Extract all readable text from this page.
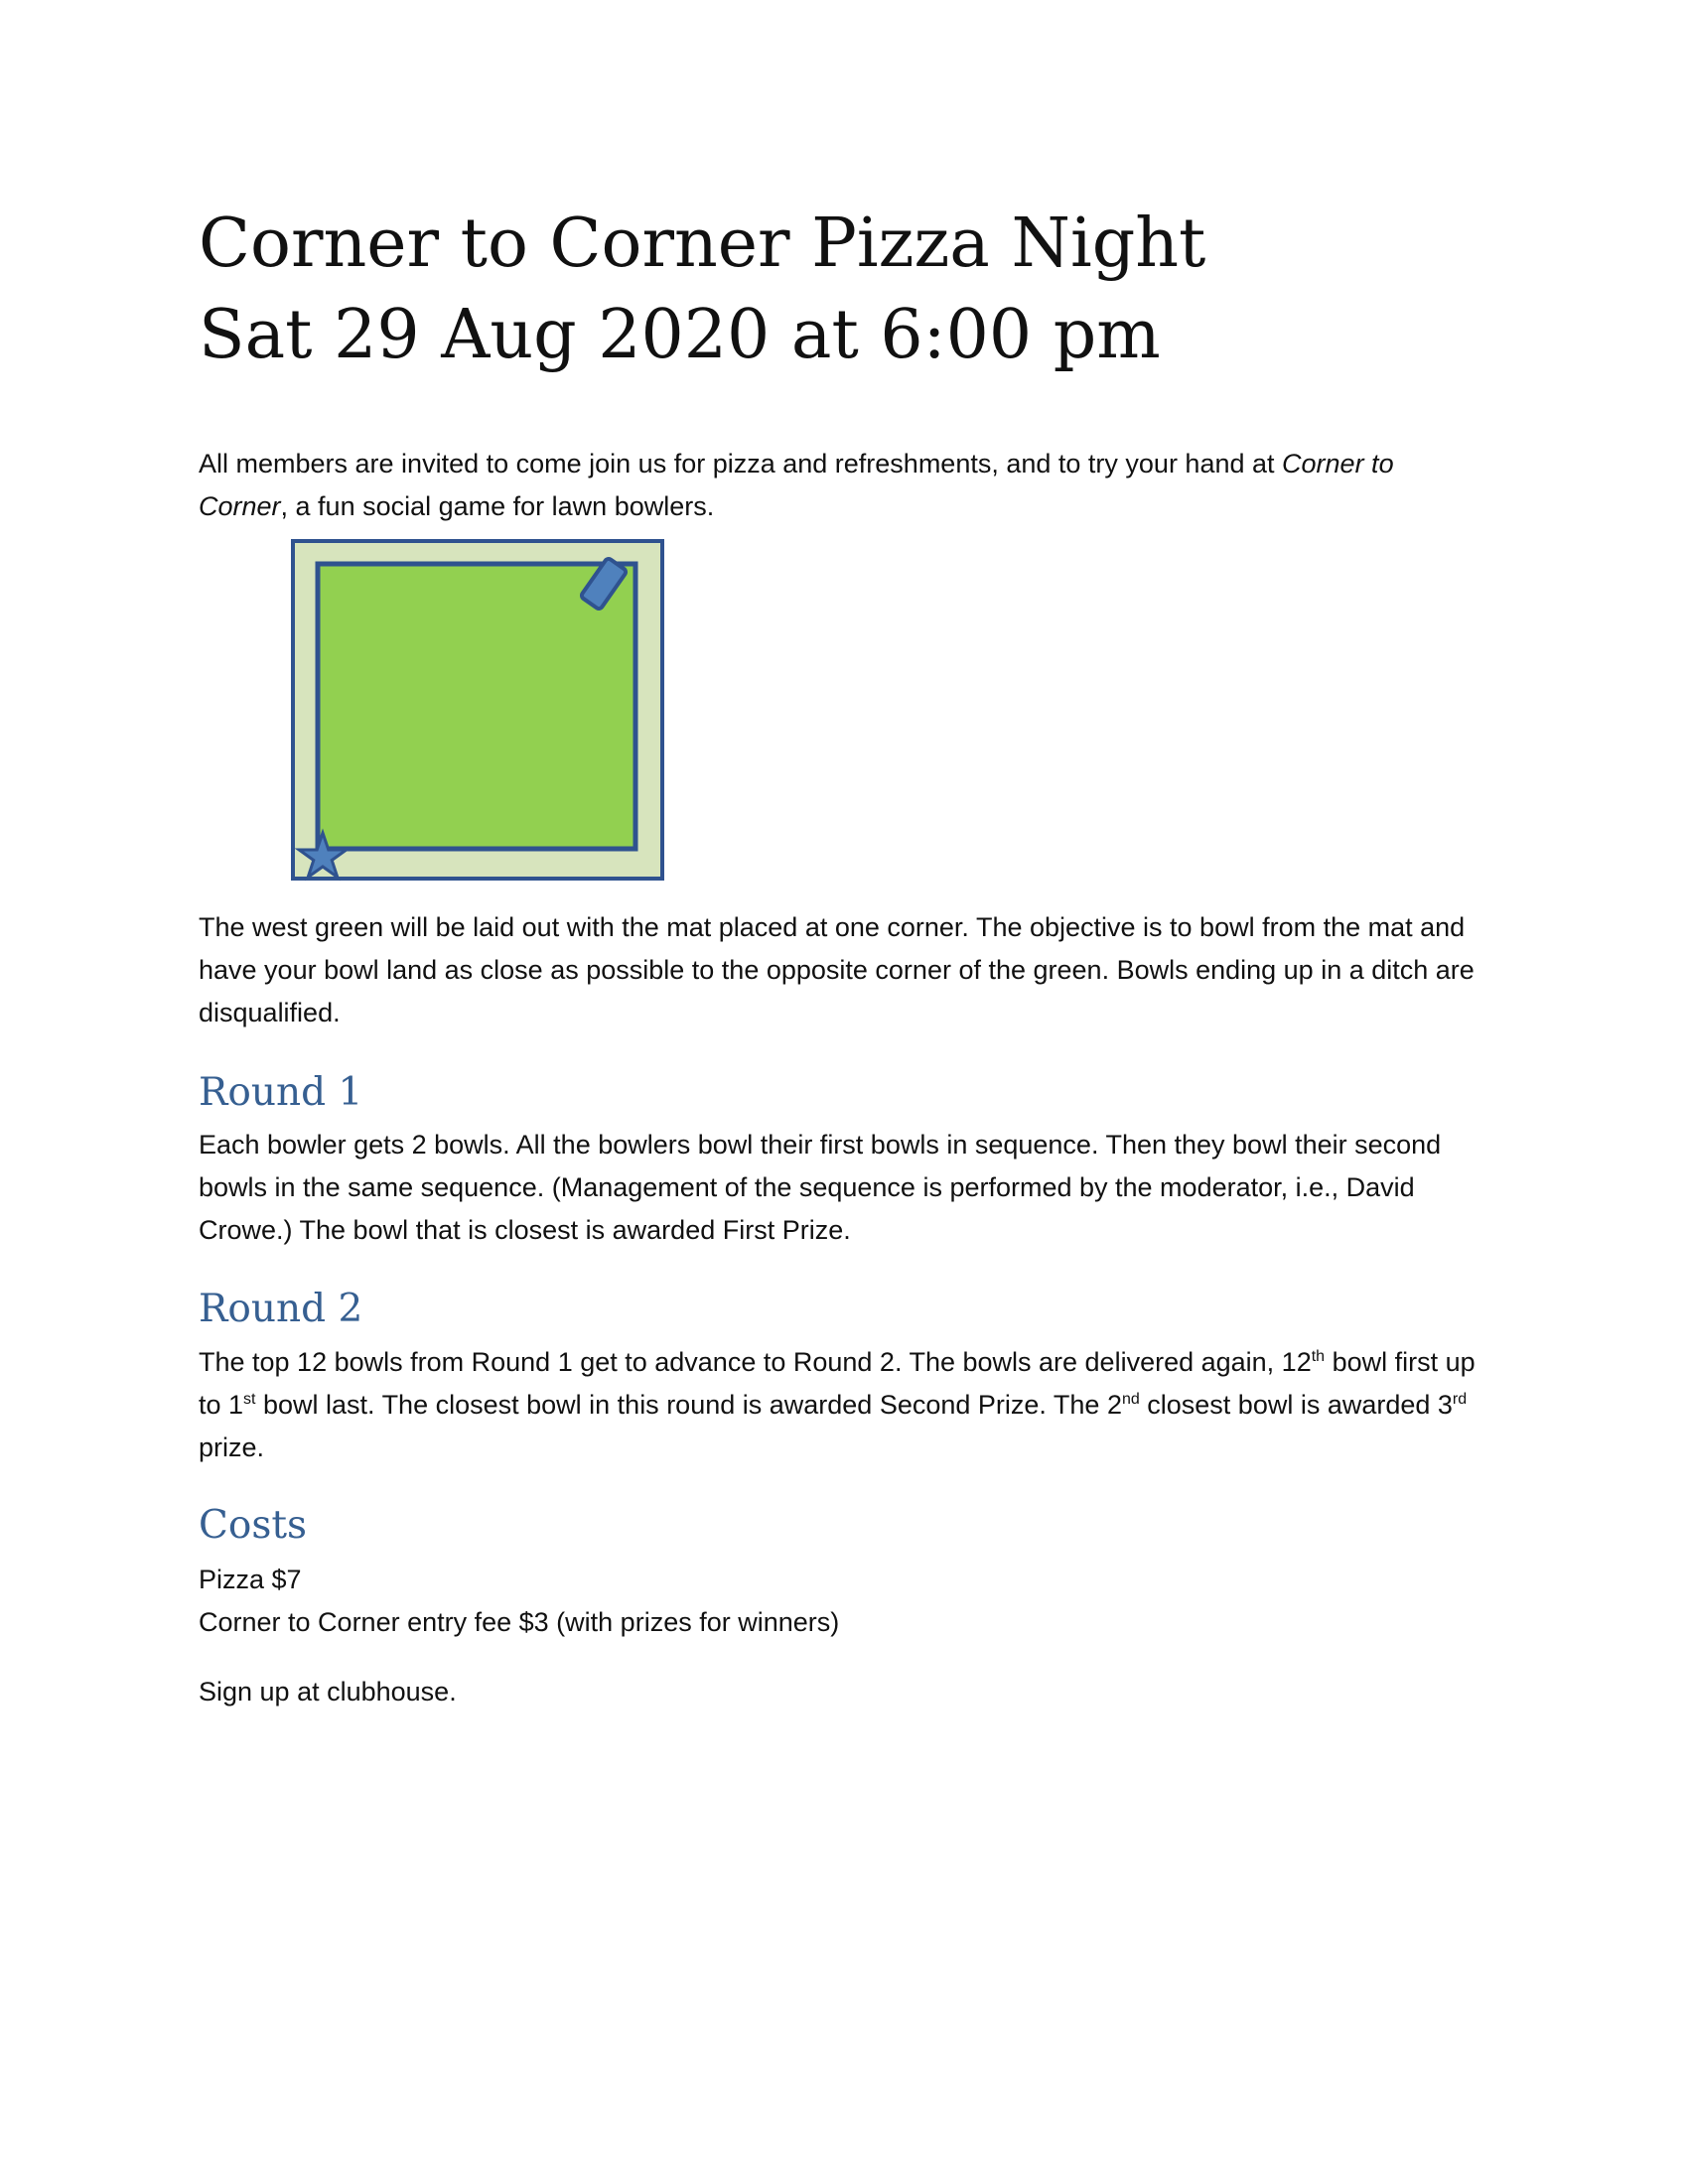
Corner to Corner Pizza Night
Sat 29 Aug 2020 at 6:00 pm

All members are invited to come join us for pizza and refreshments, and to try your hand at Corner to Corner, a fun social game for lawn bowlers.

The west green will be laid out with the mat placed at one corner. The objective is to bowl from the mat and have your bowl land as close as possible to the opposite corner of the green. Bowls ending up in a ditch are disqualified.

Round 1

Each bowler gets 2 bowls. All the bowlers bowl their first bowls in sequence. Then they bowl their second bowls in the same sequence. (Management of the sequence is performed by the moderator, i.e., David Crowe.) The bowl that is closest is awarded First Prize.

Round 2

The top 12 bowls from Round 1 get to advance to Round 2. The bowls are delivered again, 12th bowl first up to 1st bowl last. The closest bowl in this round is awarded Second Prize. The 2nd closest bowl is awarded 3rd prize.

Costs

Pizza $7

Corner to Corner entry fee $3 (with prizes for winners)

Sign up at clubhouse.
